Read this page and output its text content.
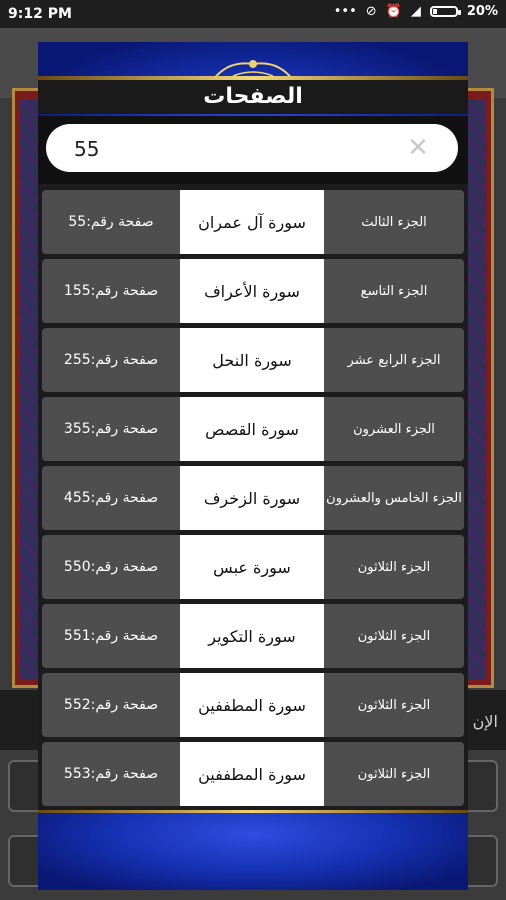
الإن
9:12 PM	••• ⊘ ⏰ ◢	20%
الصفحات
55
✕
صفحة رقم:55	سورة آل عمران	الجزء الثالث
صفحة رقم:155	سورة الأعراف	الجزء التاسع
صفحة رقم:255	سورة النحل	الجزء الرابع عشر
صفحة رقم:355	سورة القصص	الجزء العشرون
صفحة رقم:455	سورة الزخرف	الجزء الخامس والعشرون
صفحة رقم:550	سورة عبس	الجزء الثلاثون
صفحة رقم:551	سورة التكوير	الجزء الثلاثون
صفحة رقم:552	سورة المطففين	الجزء الثلاثون
صفحة رقم:553	سورة المطففين	الجزء الثلاثون
